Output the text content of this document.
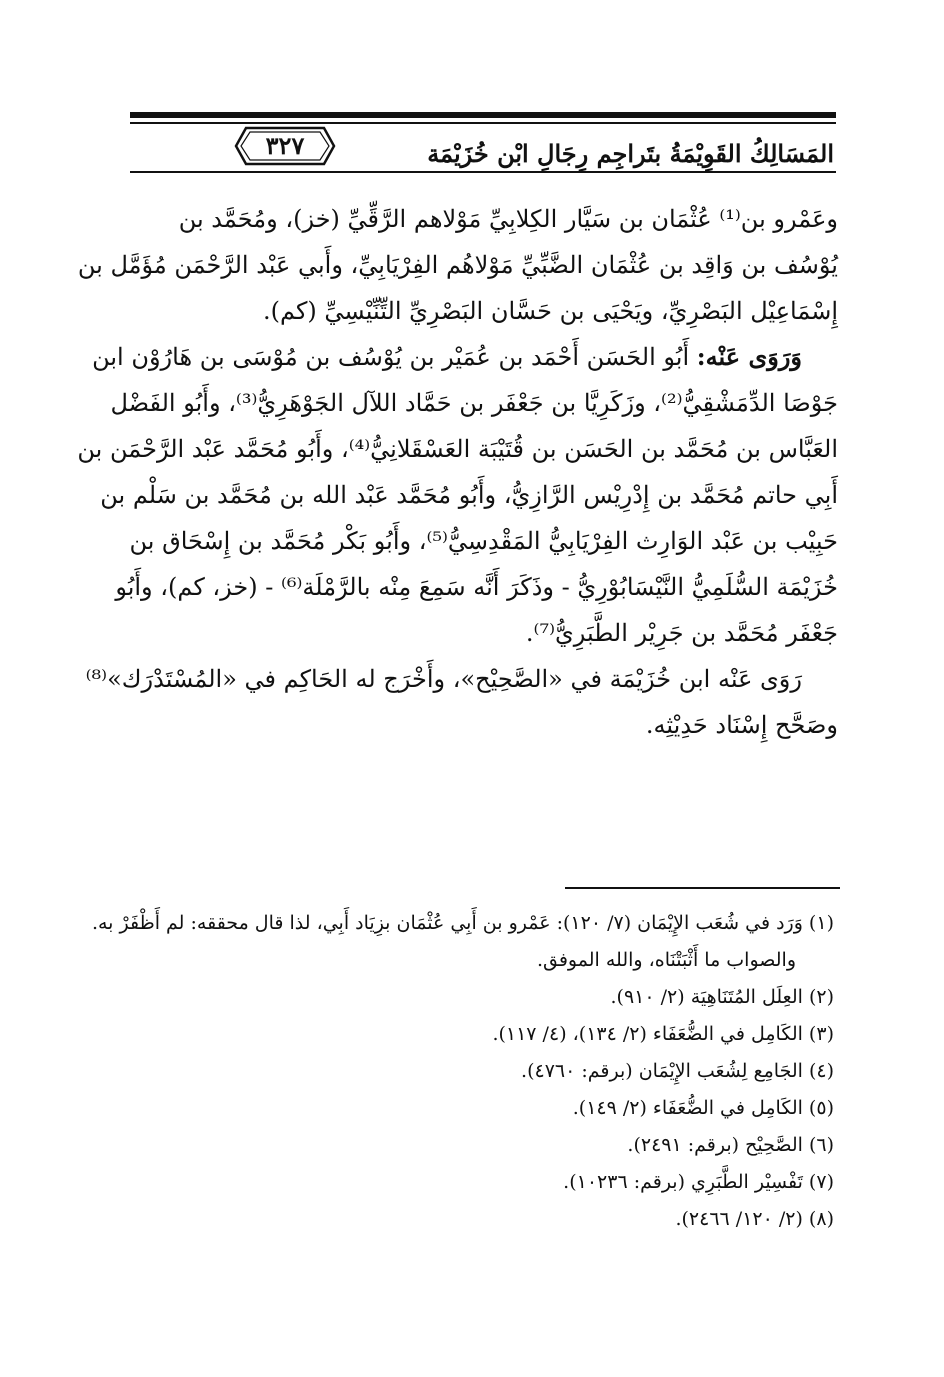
المَسَالِكُ القَوِيْمَةُ بتَراجِم رِجَالِ ابْن خُزَيْمَة
٣٢٧

وعَمْرو بن⁽¹⁾ عُثْمَان بن سَيَّار الكِلابِيِّ مَوْلاهم الرَّقِّيِّ (خز)، ومُحَمَّد بن

يُوْسُف بن وَاقِد بن عُثْمَان الضَّبِّيِّ مَوْلاهُم الفِرْيَابِيِّ، وأَبي عَبْد الرَّحْمَن مُؤَمَّل بن

إِسْمَاعِيْل البَصْرِيِّ، ويَحْيَى بن حَسَّان البَصْرِيِّ التِّنِّيْسِيِّ (كم).

وَرَوَى عَنْه: أَبُو الحَسَن أَحْمَد بن عُمَيْر بن يُوْسُف بن مُوْسَى بن هَارُوْن ابن

جَوْصَا الدِّمَشْقِيُّ⁽²⁾، وزَكَرِيَّا بن جَعْفَر بن حَمَّاد اللآل الجَوْهَرِيُّ⁽³⁾، وأَبُو الفَضْل

العَبَّاس بن مُحَمَّد بن الحَسَن بن قُتَيْبَة العَسْقَلانِيُّ⁽⁴⁾، وأَبُو مُحَمَّد عَبْد الرَّحْمَن بن

أَبِي حاتم مُحَمَّد بن إِدْرِيْس الرَّازِيُّ، وأَبُو مُحَمَّد عَبْد الله بن مُحَمَّد بن سَلْم بن

حَبِيْب بن عَبْد الوَارِث الفِرْيَابِيُّ المَقْدِسِيُّ⁽⁵⁾، وأَبُو بَكْر مُحَمَّد بن إِسْحَاق بن

خُزَيْمَة السُّلَمِيُّ النَّيْسَابُوْرِيُّ - وذَكَرَ أَنَّه سَمِعَ مِنْه بالرَّمْلَة⁽⁶⁾ - (خز، كم)، وأَبُو

جَعْفَر مُحَمَّد بن جَرِيْر الطَّبَرِيُّ⁽⁷⁾.

رَوَى عَنْه ابن خُزَيْمَة في «الصَّحِيْح»، وأَخْرَج له الحَاكِم في «المُسْتَدْرَك»⁽⁸⁾

وصَحَّح إِسْنَاد حَدِيْثِه.

(١) وَرَد في شُعَب الإِيْمَان (٧/ ١٢٠): عَمْرو بن أَبِي عُثْمَان بزِيَاد أَبِي، لذا قال محققه: لم أَظْفَرْ به.

والصواب ما أَثْبَتْنَاه، والله الموفق.

(٢) العِلَل المُتَنَاهِيَة (٢/ ٩١٠).

(٣) الكَامِل في الضُّعَفَاء (٢/ ١٣٤)، (٤/ ١١٧).

(٤) الجَامِع لِشُعَب الإِيْمَان (برقم: ٤٧٦٠).

(٥) الكَامِل في الضُّعَفَاء (٢/ ١٤٩).

(٦) الصَّحِيْح (برقم: ٢٤٩١).

(٧) تَفْسِيْر الطَّبَرِي (برقم: ١٠٢٣٦).

(٨) (٢/ ١٢٠/ ٢٤٦٦).
